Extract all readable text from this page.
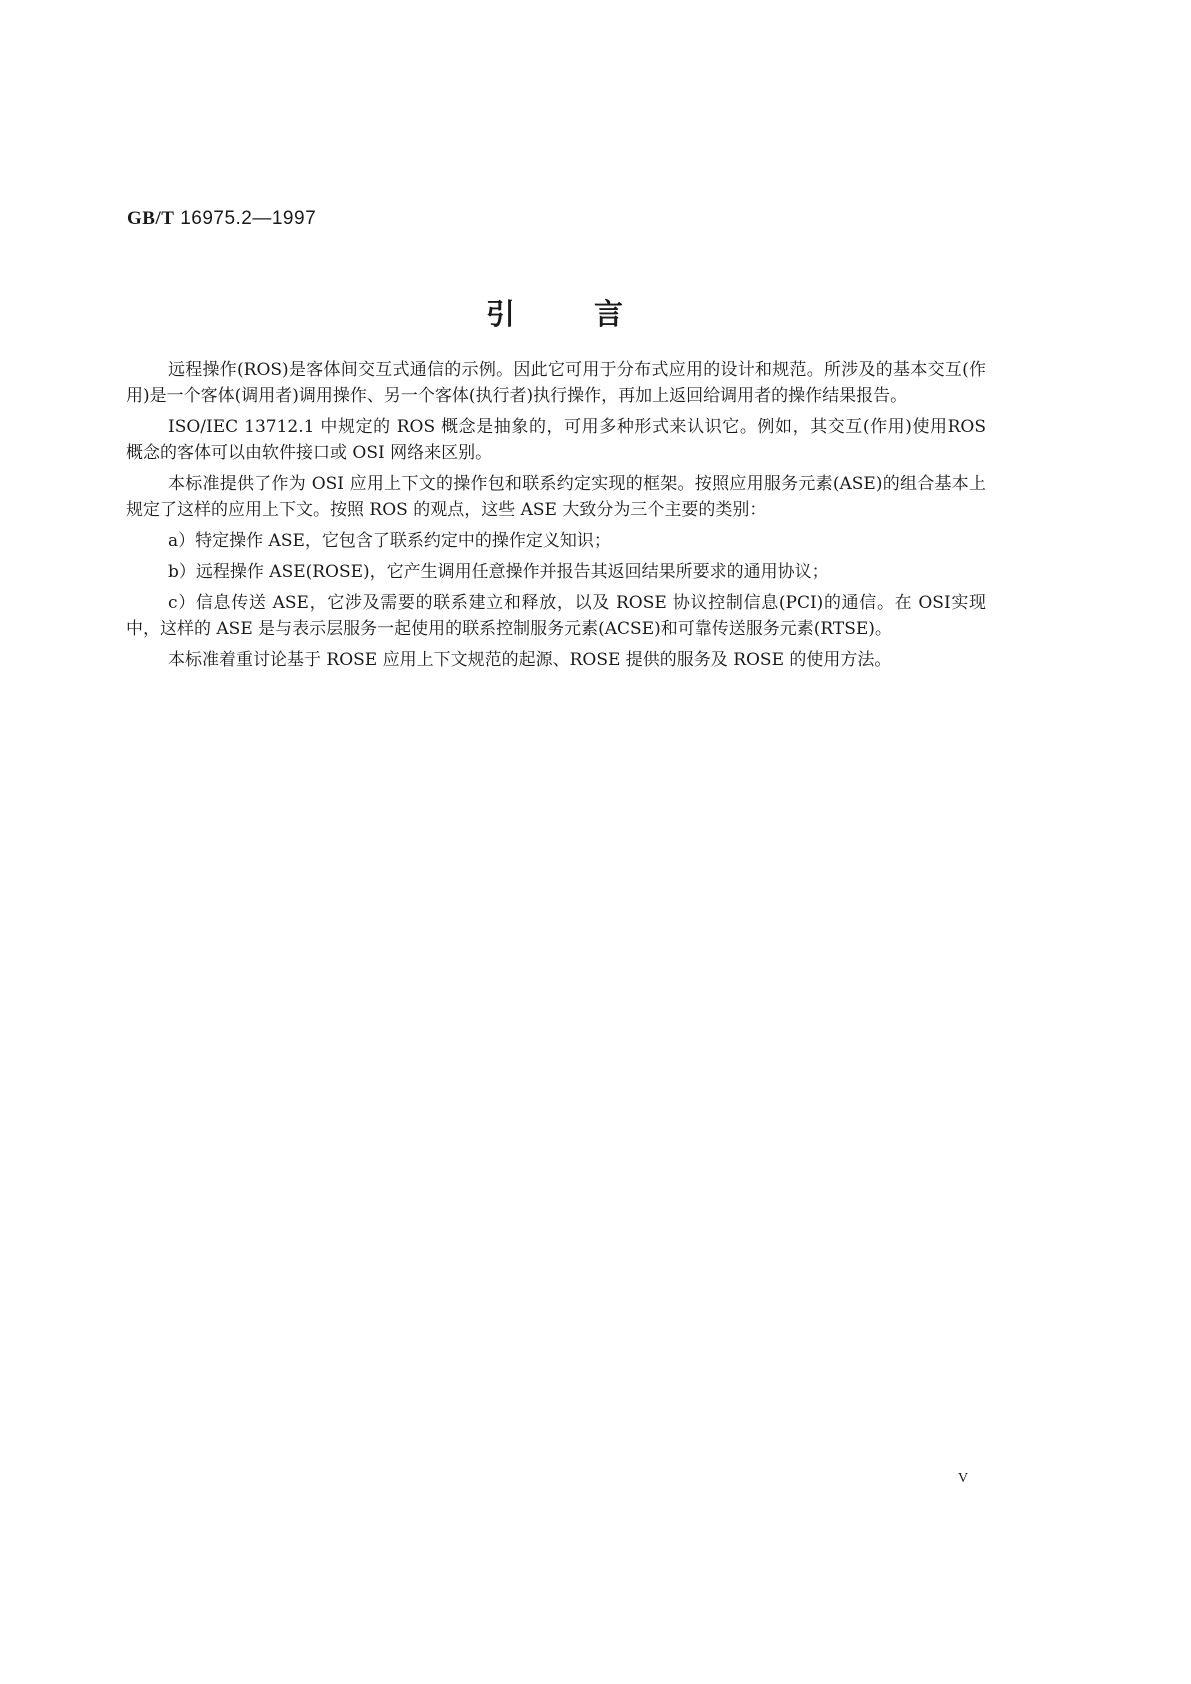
GB/T 16975.2—1997
引	言

远程操作(ROS)是客体间交互式通信的示例。因此它可用于分布式应用的设计和规范。所涉及的基本交互(作用)是一个客体(调用者)调用操作、另一个客体(执行者)执行操作，再加上返回给调用者的操作结果报告。

ISO/IEC 13712.1 中规定的 ROS 概念是抽象的，可用多种形式来认识它。例如，其交互(作用)使用ROS 概念的客体可以由软件接口或 OSI 网络来区别。

本标准提供了作为 OSI 应用上下文的操作包和联系约定实现的框架。按照应用服务元素(ASE)的组合基本上规定了这样的应用上下文。按照 ROS 的观点，这些 ASE 大致分为三个主要的类别：

a）特定操作 ASE，它包含了联系约定中的操作定义知识；

b）远程操作 ASE(ROSE)，它产生调用任意操作并报告其返回结果所要求的通用协议；

c）信息传送 ASE，它涉及需要的联系建立和释放，以及 ROSE 协议控制信息(PCI)的通信。在 OSI实现中，这样的 ASE 是与表示层服务一起使用的联系控制服务元素(ACSE)和可靠传送服务元素(RTSE)。

本标准着重讨论基于 ROSE 应用上下文规范的起源、ROSE 提供的服务及 ROSE 的使用方法。

V
